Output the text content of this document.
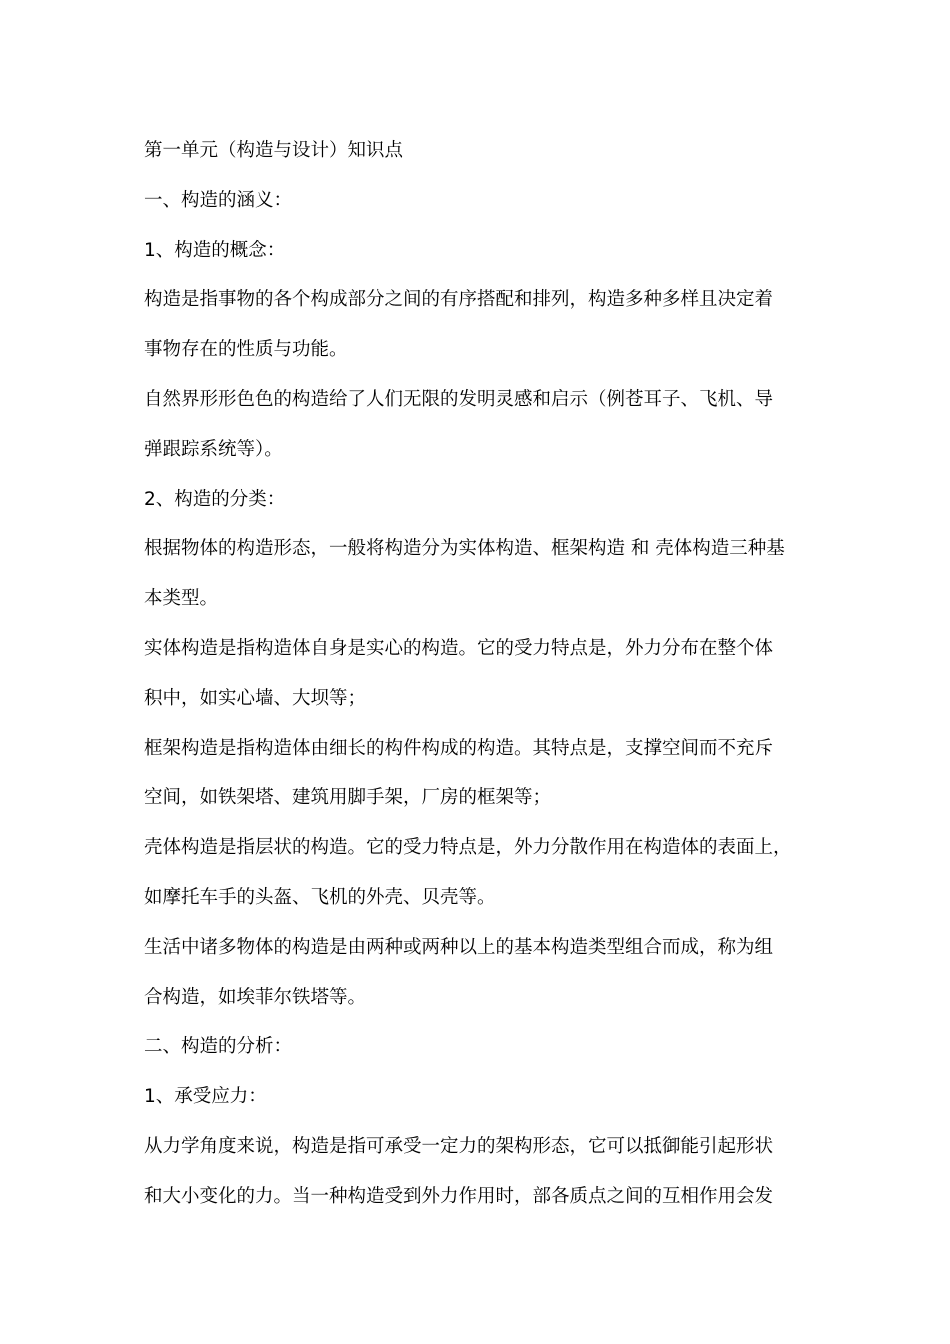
第一单元（构造与设计）知识点
一、构造的涵义：
1、构造的概念：
构造是指事物的各个构成部分之间的有序搭配和排列，构造多种多样且决定着
事物存在的性质与功能。
自然界形形色色的构造给了人们无限的发明灵感和启示（例苍耳子、飞机、导
弹跟踪系统等）。
2、构造的分类：
根据物体的构造形态，一般将构造分为实体构造、框架构造 和 壳体构造三种基
本类型。
实体构造是指构造体自身是实心的构造。它的受力特点是，外力分布在整个体
积中，如实心墙、大坝等；
框架构造是指构造体由细长的构件构成的构造。其特点是，支撑空间而不充斥
空间，如铁架塔、建筑用脚手架，厂房的框架等；
壳体构造是指层状的构造。它的受力特点是，外力分散作用在构造体的表面上，
如摩托车手的头盔、飞机的外壳、贝壳等。
生活中诸多物体的构造是由两种或两种以上的基本构造类型组合而成，称为组
合构造，如埃菲尔铁塔等。
二、构造的分析：
1、承受应力：
从力学角度来说，构造是指可承受一定力的架构形态，它可以抵御能引起形状
和大小变化的力。当一种构造受到外力作用时，部各质点之间的互相作用会发
